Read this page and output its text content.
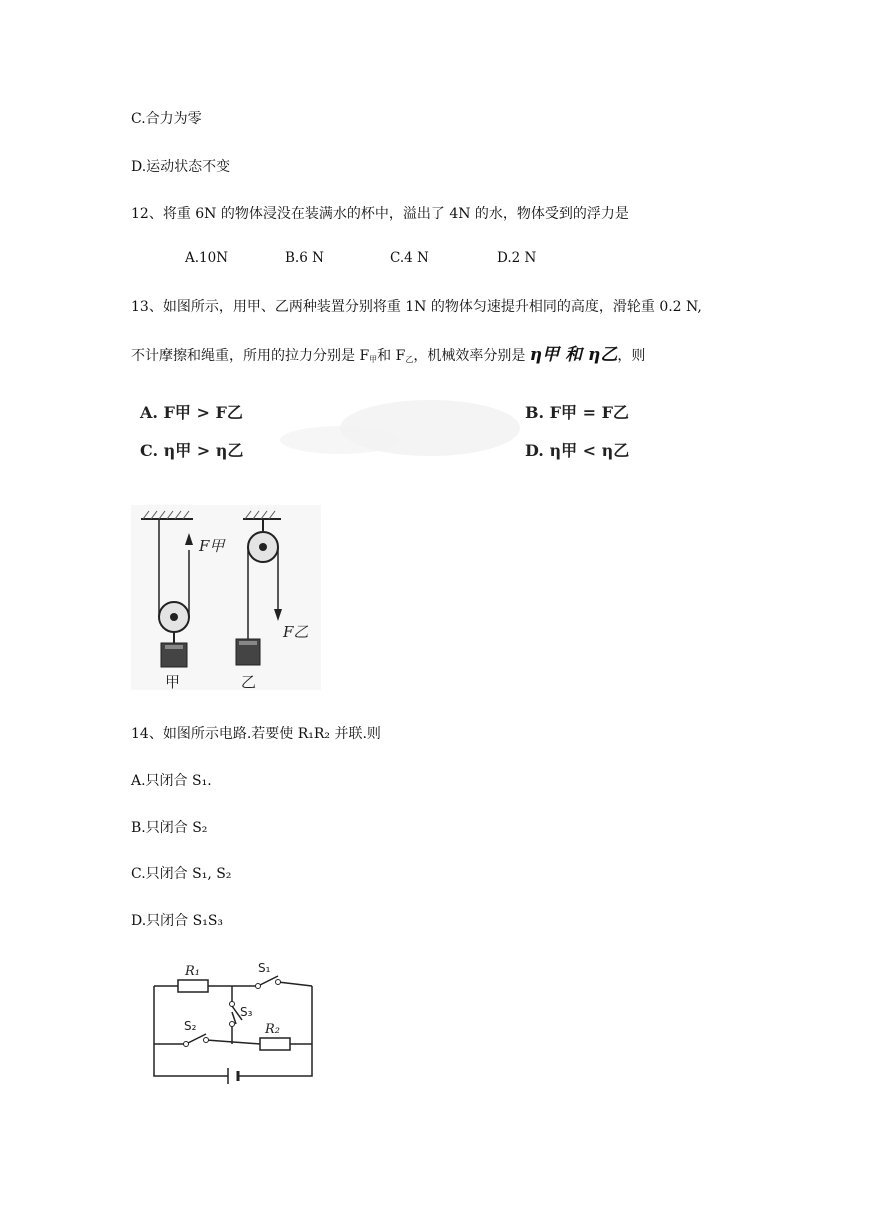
C.合力为零
D.运动状态不变
12、将重 6N 的物体浸没在装满水的杯中，溢出了 4N 的水，物体受到的浮力是
A.10N	B.6 N	C.4 N	D.2 N
13、如图所示，用甲、乙两种装置分别将重 1N 的物体匀速提升相同的高度，滑轮重 0.2 N,
不计摩擦和绳重，所用的拉力分别是 $F_甲$和 $F_乙$，机械效率分别是 η甲 和 η乙，则
A. F甲 > F乙	B. F甲 = F乙
C. η甲 > η乙	D. η甲 < η乙
F甲
甲
F乙
乙
14、如图所示电路.若要使 R₁R₂ 并联.则
A.只闭合 S₁.
B.只闭合 S₂
C.只闭合 S₁, S₂
D.只闭合 S₁S₃
R₁
R₂
S₁
S₂
S₃
